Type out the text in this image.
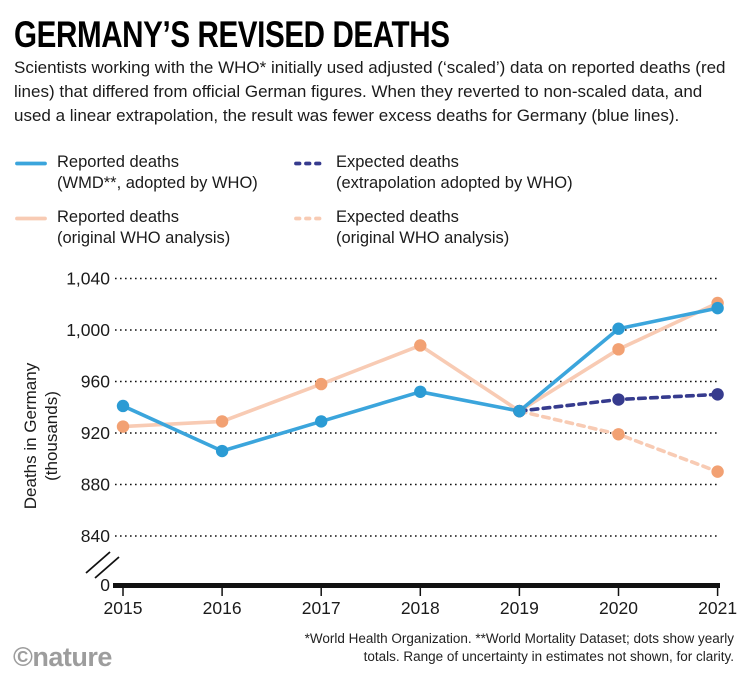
GERMANY’S REVISED DEATHS

Scientists working with the WHO* initially used adjusted (‘scaled’) data on reported deaths (red lines) that differed from official German figures. When they reverted to non-scaled data, and used a linear extrapolation, the result was fewer excess deaths for Germany (blue lines).

Reported deaths
(WMD**, adopted by WHO)
Expected deaths
(extrapolation adopted by WHO)
Reported deaths
(original WHO analysis)
Expected deaths
(original WHO analysis)
Deaths in Germany (thousands)
1,040
1,000
960
920
880
840
0
2015	2016	2017	2018	2019	2020	2021
*World Health Organization. **World Mortality Dataset; dots show yearly
totals. Range of uncertainty in estimates not shown, for clarity.
©nature
